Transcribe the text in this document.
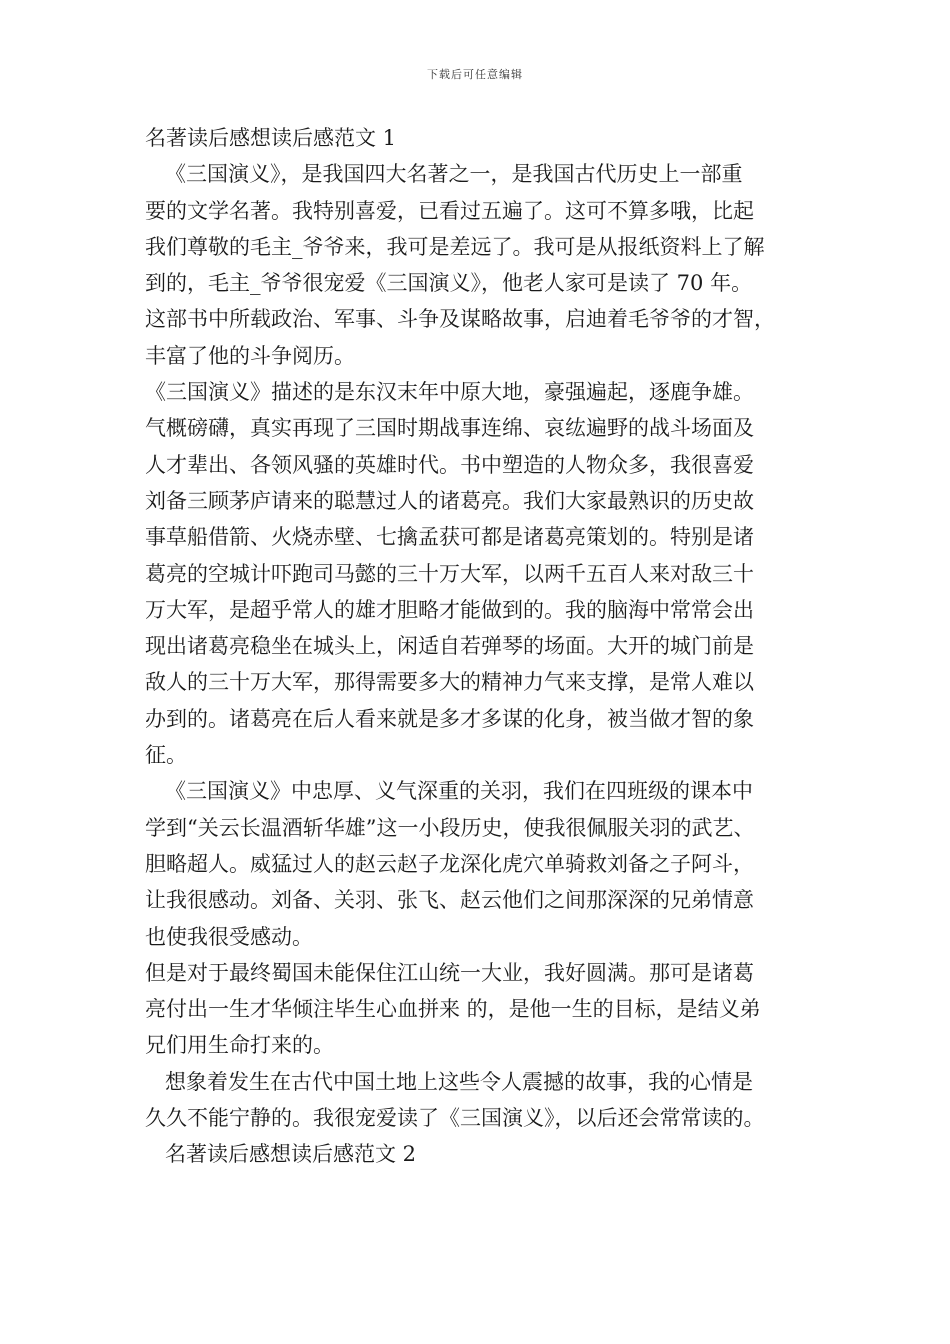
下载后可任意编辑
名著读后感想读后感范文 1
《三国演义》，是我国四大名著之一，是我国古代历史上一部重
要的文学名著。我特别喜爱，已看过五遍了。这可不算多哦，比起
我们尊敬的毛主_爷爷来，我可是差远了。我可是从报纸资料上了解
到的，毛主_爷爷很宠爱《三国演义》，他老人家可是读了 70 年。
这部书中所载政治、军事、斗争及谋略故事，启迪着毛爷爷的才智，
丰富了他的斗争阅历。
《三国演义》描述的是东汉末年中原大地，豪强遍起，逐鹿争雄。
气概磅礴，真实再现了三国时期战事连绵、哀纮遍野的战斗场面及
人才辈出、各领风骚的英雄时代。书中塑造的人物众多，我很喜爱
刘备三顾茅庐请来的聪慧过人的诸葛亮。我们大家最熟识的历史故
事草船借箭、火烧赤壁、七擒孟获可都是诸葛亮策划的。特别是诸
葛亮的空城计吓跑司马懿的三十万大军，以两千五百人来对敌三十
万大军，是超乎常人的雄才胆略才能做到的。我的脑海中常常会出
现出诸葛亮稳坐在城头上，闲适自若弹琴的场面。大开的城门前是
敌人的三十万大军，那得需要多大的精神力气来支撑，是常人难以
办到的。诸葛亮在后人看来就是多才多谋的化身，被当做才智的象
征。
《三国演义》中忠厚、义气深重的关羽，我们在四班级的课本中
学到“关云长温酒斩华雄”这一小段历史，使我很佩服关羽的武艺、
胆略超人。威猛过人的赵云赵子龙深化虎穴单骑救刘备之子阿斗，
让我很感动。刘备、关羽、张飞、赵云他们之间那深深的兄弟情意
也使我很受感动。
但是对于最终蜀国未能保住江山统一大业，我好圆满。那可是诸葛
亮付出一生才华倾注毕生心血拼来 的，是他一生的目标，是结义弟
兄们用生命打来的。
想象着发生在古代中国土地上这些令人震撼的故事，我的心情是
久久不能宁静的。我很宠爱读了《三国演义》，以后还会常常读的。
名著读后感想读后感范文 2
